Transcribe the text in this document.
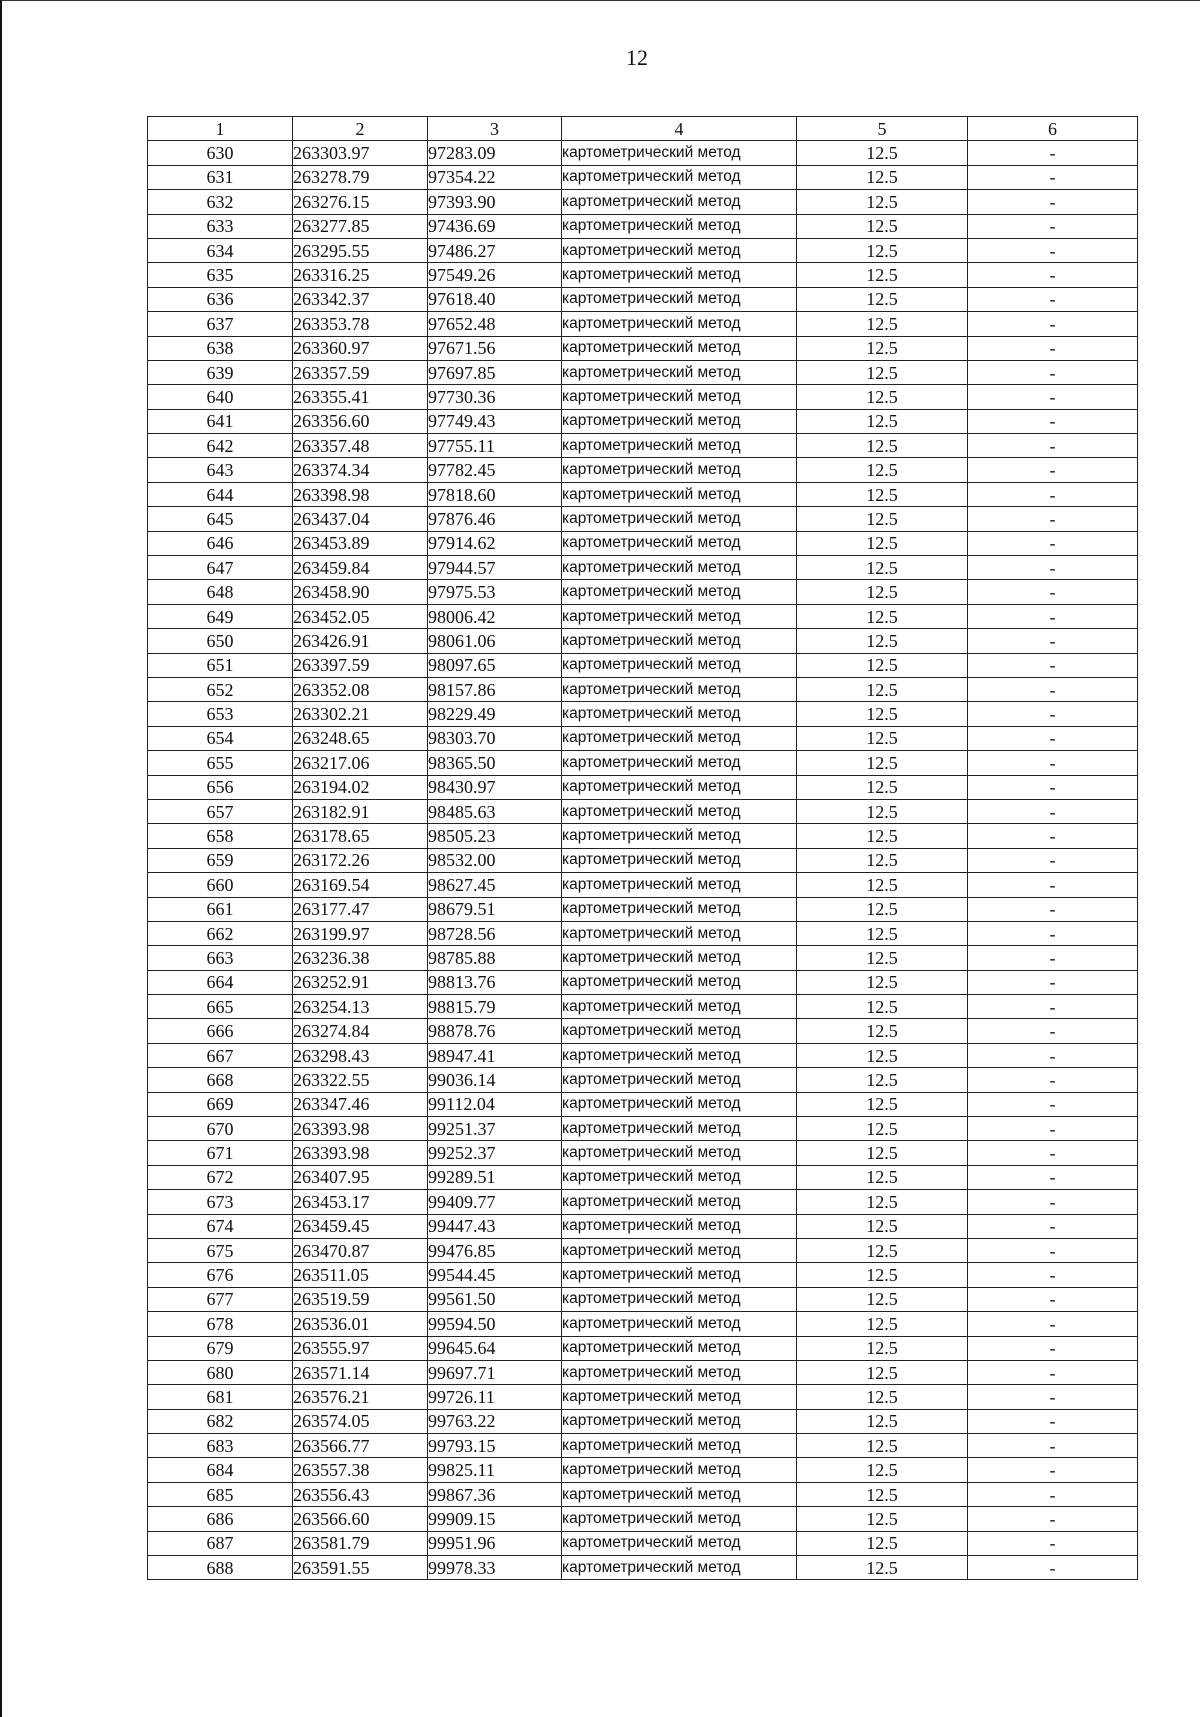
12
1	2	3	4	5	6
630	263303.97	97283.09	картометрический метод	12.5	-
631	263278.79	97354.22	картометрический метод	12.5	-
632	263276.15	97393.90	картометрический метод	12.5	-
633	263277.85	97436.69	картометрический метод	12.5	-
634	263295.55	97486.27	картометрический метод	12.5	-
635	263316.25	97549.26	картометрический метод	12.5	-
636	263342.37	97618.40	картометрический метод	12.5	-
637	263353.78	97652.48	картометрический метод	12.5	-
638	263360.97	97671.56	картометрический метод	12.5	-
639	263357.59	97697.85	картометрический метод	12.5	-
640	263355.41	97730.36	картометрический метод	12.5	-
641	263356.60	97749.43	картометрический метод	12.5	-
642	263357.48	97755.11	картометрический метод	12.5	-
643	263374.34	97782.45	картометрический метод	12.5	-
644	263398.98	97818.60	картометрический метод	12.5	-
645	263437.04	97876.46	картометрический метод	12.5	-
646	263453.89	97914.62	картометрический метод	12.5	-
647	263459.84	97944.57	картометрический метод	12.5	-
648	263458.90	97975.53	картометрический метод	12.5	-
649	263452.05	98006.42	картометрический метод	12.5	-
650	263426.91	98061.06	картометрический метод	12.5	-
651	263397.59	98097.65	картометрический метод	12.5	-
652	263352.08	98157.86	картометрический метод	12.5	-
653	263302.21	98229.49	картометрический метод	12.5	-
654	263248.65	98303.70	картометрический метод	12.5	-
655	263217.06	98365.50	картометрический метод	12.5	-
656	263194.02	98430.97	картометрический метод	12.5	-
657	263182.91	98485.63	картометрический метод	12.5	-
658	263178.65	98505.23	картометрический метод	12.5	-
659	263172.26	98532.00	картометрический метод	12.5	-
660	263169.54	98627.45	картометрический метод	12.5	-
661	263177.47	98679.51	картометрический метод	12.5	-
662	263199.97	98728.56	картометрический метод	12.5	-
663	263236.38	98785.88	картометрический метод	12.5	-
664	263252.91	98813.76	картометрический метод	12.5	-
665	263254.13	98815.79	картометрический метод	12.5	-
666	263274.84	98878.76	картометрический метод	12.5	-
667	263298.43	98947.41	картометрический метод	12.5	-
668	263322.55	99036.14	картометрический метод	12.5	-
669	263347.46	99112.04	картометрический метод	12.5	-
670	263393.98	99251.37	картометрический метод	12.5	-
671	263393.98	99252.37	картометрический метод	12.5	-
672	263407.95	99289.51	картометрический метод	12.5	-
673	263453.17	99409.77	картометрический метод	12.5	-
674	263459.45	99447.43	картометрический метод	12.5	-
675	263470.87	99476.85	картометрический метод	12.5	-
676	263511.05	99544.45	картометрический метод	12.5	-
677	263519.59	99561.50	картометрический метод	12.5	-
678	263536.01	99594.50	картометрический метод	12.5	-
679	263555.97	99645.64	картометрический метод	12.5	-
680	263571.14	99697.71	картометрический метод	12.5	-
681	263576.21	99726.11	картометрический метод	12.5	-
682	263574.05	99763.22	картометрический метод	12.5	-
683	263566.77	99793.15	картометрический метод	12.5	-
684	263557.38	99825.11	картометрический метод	12.5	-
685	263556.43	99867.36	картометрический метод	12.5	-
686	263566.60	99909.15	картометрический метод	12.5	-
687	263581.79	99951.96	картометрический метод	12.5	-
688	263591.55	99978.33	картометрический метод	12.5	-
